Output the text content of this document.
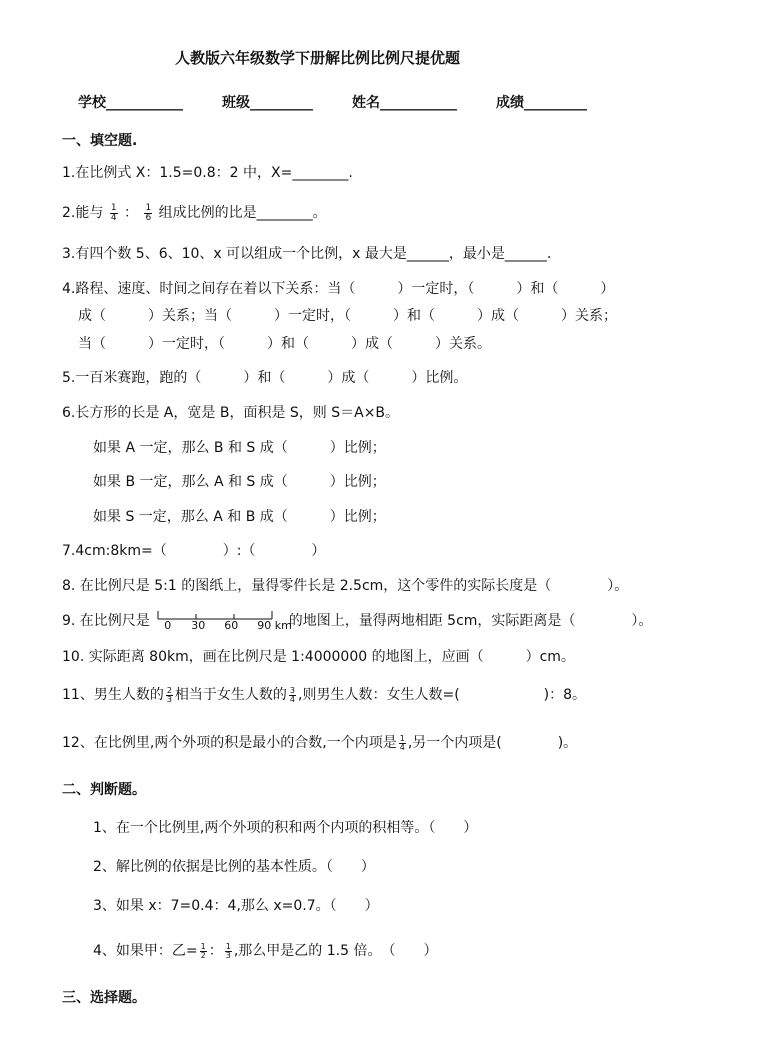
人教版六年级数学下册解比例比例尺提优题
学校___________	班级_________	姓名___________	成绩_________
一、填空题.
1.在比例式 X：1.5=0.8：2 中，X=________.
2.能与 $\frac{1}{4}$ ： $\frac{1}{6}$ 组成比例的比是________。
3.有四个数 5、6、10、x 可以组成一个比例，x 最大是______，最小是______.
4.路程、速度、时间之间存在着以下关系：当（　　　）一定时，（　　　）和（　　　）
成（　　　）关系；当（　　　）一定时，（　　　）和（　　　）成（　　　）关系；
当（　　　）一定时，（　　　）和（　　　）成（　　　）关系。
5.一百米赛跑，跑的（　　　）和（　　　）成（　　　）比例。
6.长方形的长是 A，宽是 B，面积是 S，则 S＝A×B。
如果 A 一定，那么 B 和 S 成（　　　）比例；
如果 B 一定，那么 A 和 S 成（　　　）比例；
如果 S 一定，那么 A 和 B 成（　　　）比例；
7.4cm:8km=（　　　　）:（　　　　）
8. 在比例尺是 5:1 的图纸上，量得零件长是 2.5cm，这个零件的实际长度是（　　　　）。
9. 在比例尺是 0 30 60 90 km
的地图上，量得两地相距 5cm，实际距离是（　　　　）。
10. 实际距离 80km，画在比例尺是 1:4000000 的地图上，应画（　　　）cm。
11、男生人数的 $\frac{2}{3}$ 相当于女生人数的 $\frac{3}{4}$ ,则男生人数：女生人数=(　　　　　　)：8。
12、在比例里,两个外项的积是最小的合数,一个内项是 $\frac{1}{4}$ ,另一个内项是(　　　　)。
二、判断题。
1、在一个比例里,两个外项的积和两个内项的积相等。（　　）
2、解比例的依据是比例的基本性质。（　　）
3、如果 x：7=0.4：4,那么 x=0.7。（　　）
4、如果甲：乙= $\frac{1}{2}$ ： $\frac{1}{3}$ ,那么甲是乙的 1.5 倍。　（　　）
三、选择题。
